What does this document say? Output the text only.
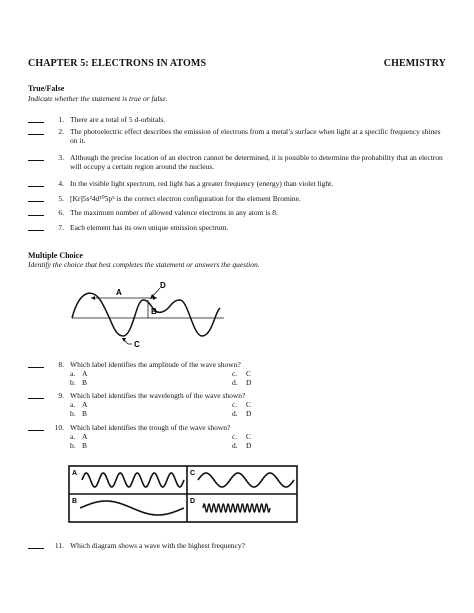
CHAPTER 5: ELECTRONS IN ATOMS	CHEMISTRY
True/False
Indicate whether the statement is true or false.
1. There are a total of 5 d-orbitals.
2. The photoelectric effect describes the emission of electrons from a metal’s surface when light at a specific frequency shines on it.
3. Although the precise location of an electron cannot be determined, it is possible to determine the probability that an electron will occupy a certain region around the nucleus.
4. In the visible light spectrum, red light has a greater frequency (energy) than violet light.
5. [Kr]5s²4d¹⁰5p⁵ is the correct electron configuration for the element Bromine.
6. The maximum number of allowed valence electrons in any atom is 8.
7. Each element has its own unique emission spectrum.
Multiple Choice
Identify the choice that best completes the statement or answers the question.
A
B
C
D
8. Which label identifies the amplitude of the wave shown?
a. A	c. C
b. B	d. D
9. Which label identifies the wavelength of the wave shown?
a. A	c. C
b. B	d. D
10. Which label identifies the trough of the wave shown?
a. A	c. C
b. B	d. D
A
B
C
D
11. Which diagram shows a wave with the highest frequency?
